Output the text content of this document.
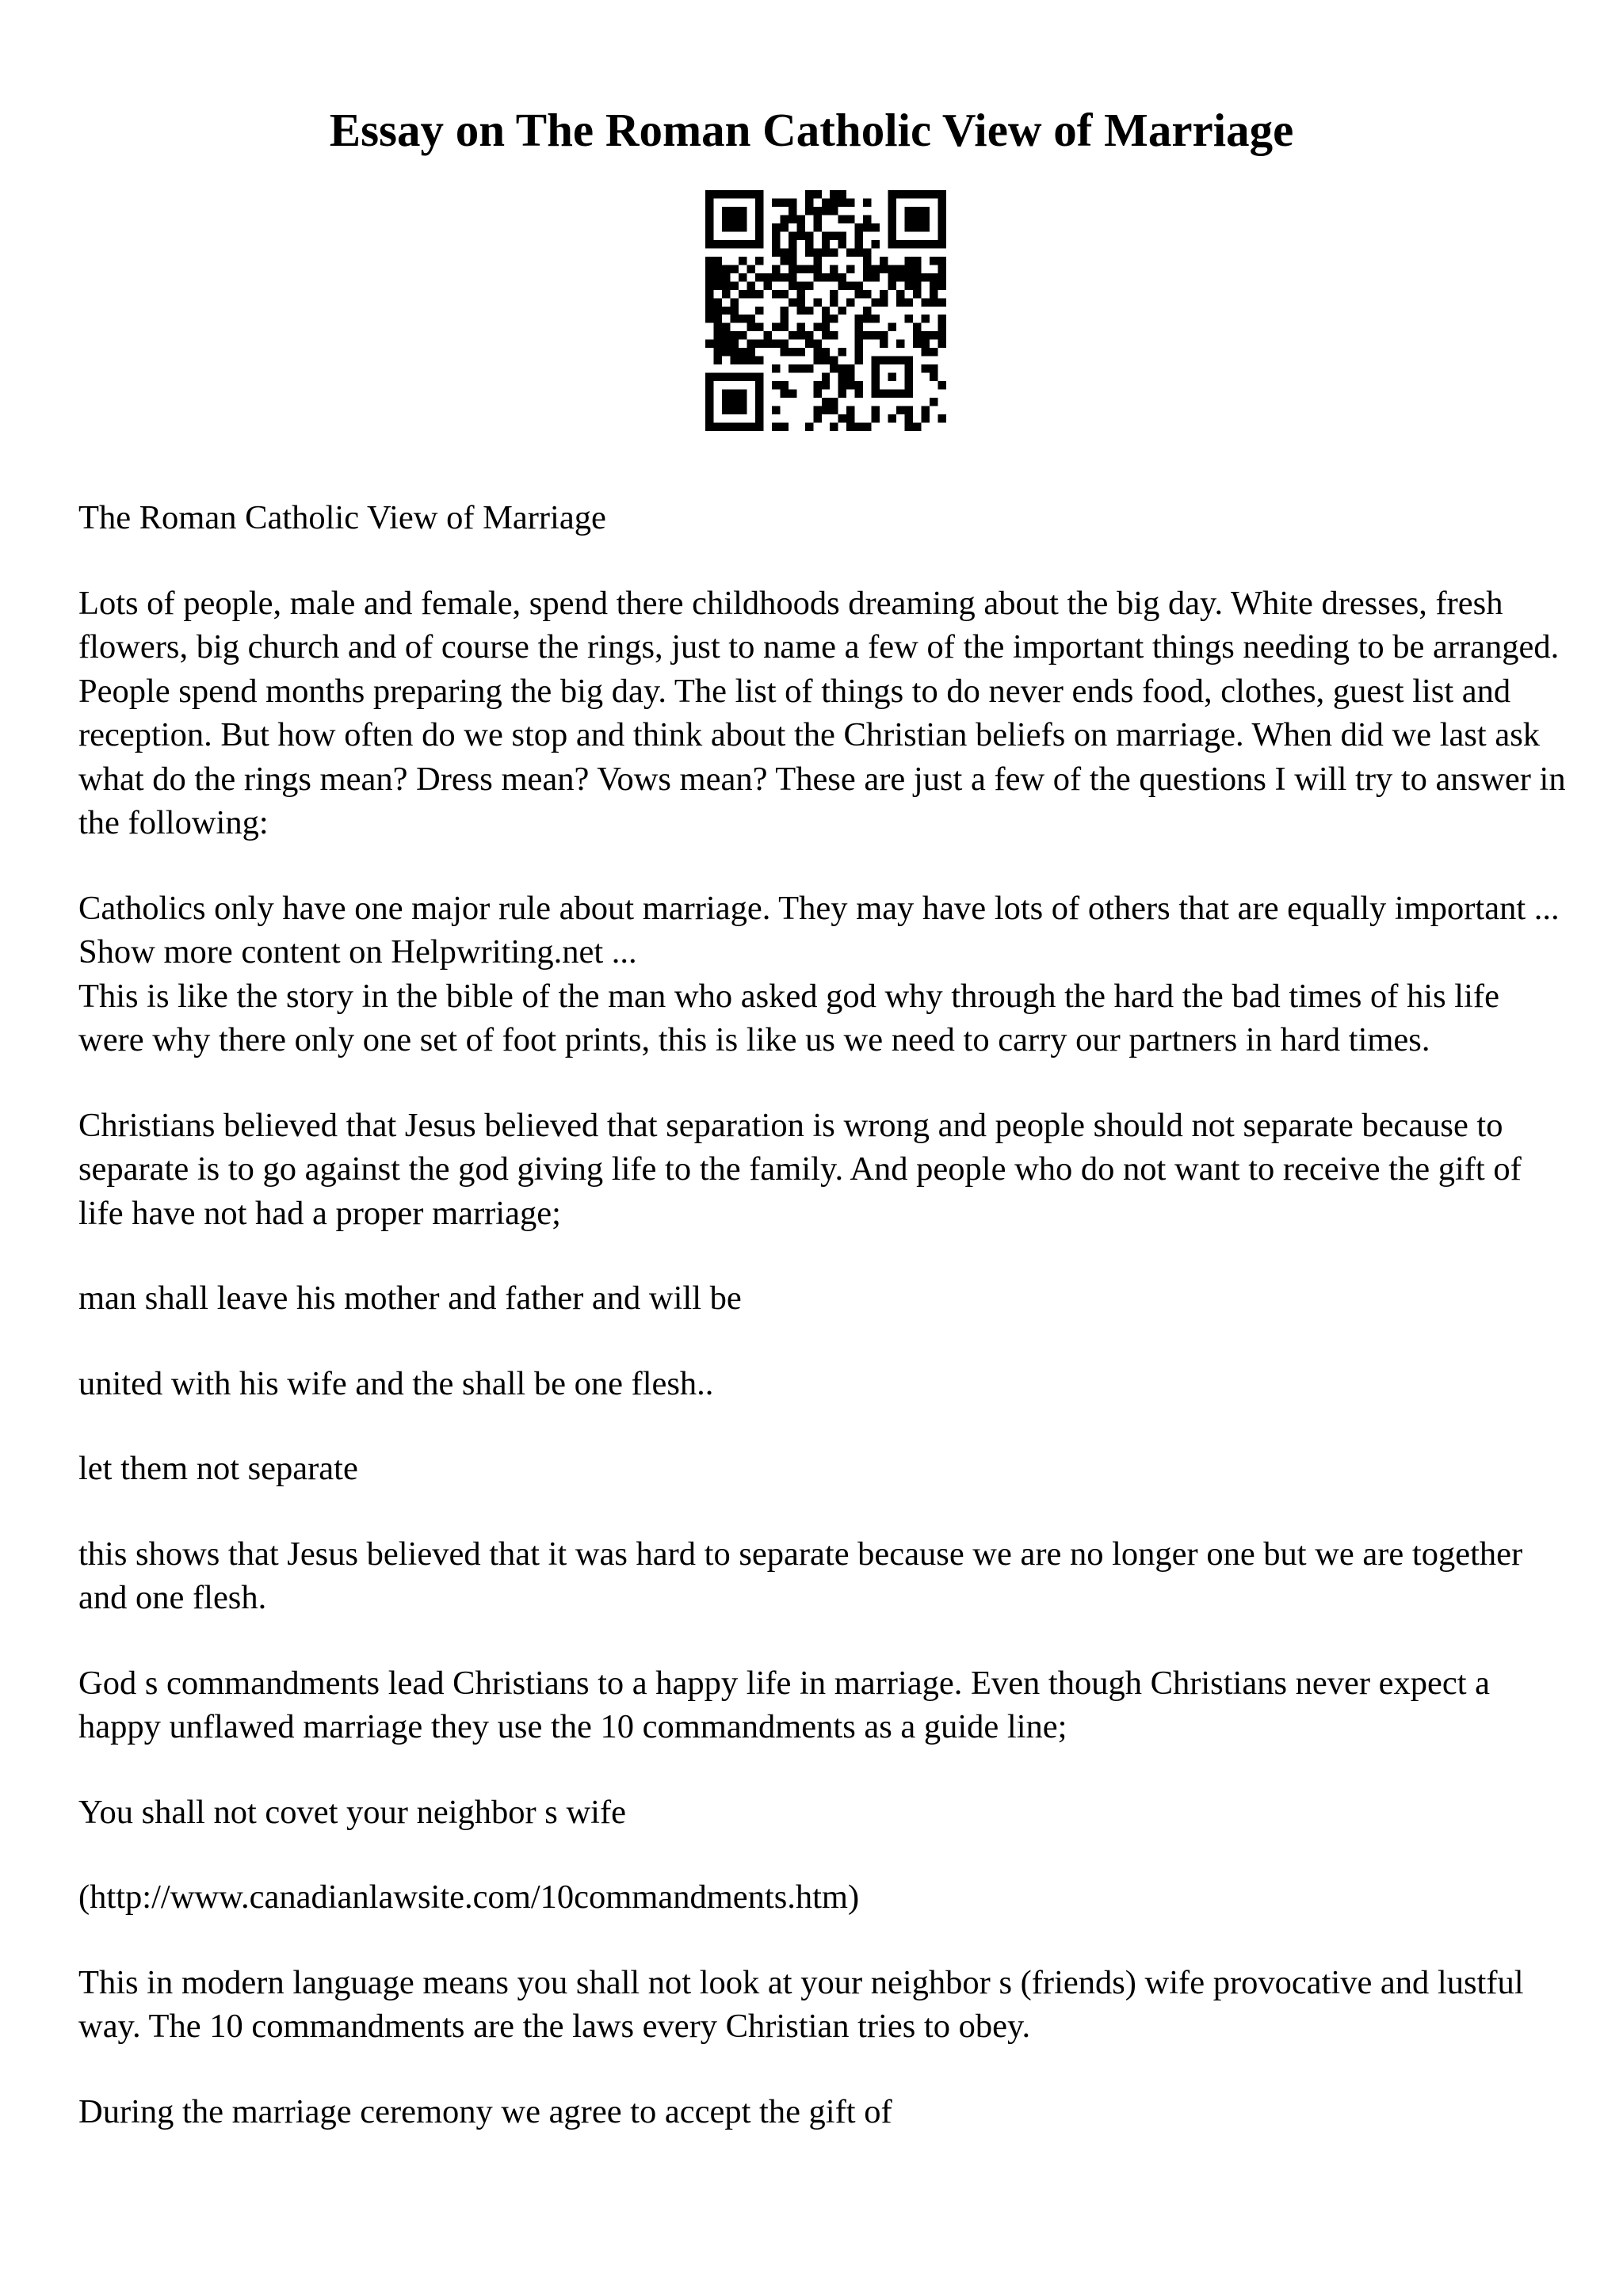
Essay on The Roman Catholic View of Marriage

The Roman Catholic View of Marriage

Lots of people, male and female, spend there childhoods dreaming about the big day. White dresses, fresh flowers, big church and of course the rings, just to name a few of the important things needing to be arranged. People spend months preparing the big day. The list of things to do never ends food, clothes, guest list and reception. But how often do we stop and think about the Christian beliefs on marriage. When did we last ask what do the rings mean? Dress mean? Vows mean? These are just a few of the questions I will try to answer in the following:

Catholics only have one major rule about marriage. They may have lots of others that are equally important ... Show more content on Helpwriting.net ...

This is like the story in the bible of the man who asked god why through the hard the bad times of his life were why there only one set of foot prints, this is like us we need to carry our partners in hard times.

Christians believed that Jesus believed that separation is wrong and people should not separate because to separate is to go against the god giving life to the family. And people who do not want to receive the gift of life have not had a proper marriage;

man shall leave his mother and father and will be

united with his wife and the shall be one flesh..

let them not separate

this shows that Jesus believed that it was hard to separate because we are no longer one but we are together and one flesh.

God s commandments lead Christians to a happy life in marriage. Even though Christians never expect a happy unflawed marriage they use the 10 commandments as a guide line;

You shall not covet your neighbor s wife

(http://www.canadianlawsite.com/10commandments.htm)

This in modern language means you shall not look at your neighbor s (friends) wife provocative and lustful way. The 10 commandments are the laws every Christian tries to obey.

During the marriage ceremony we agree to accept the gift of
